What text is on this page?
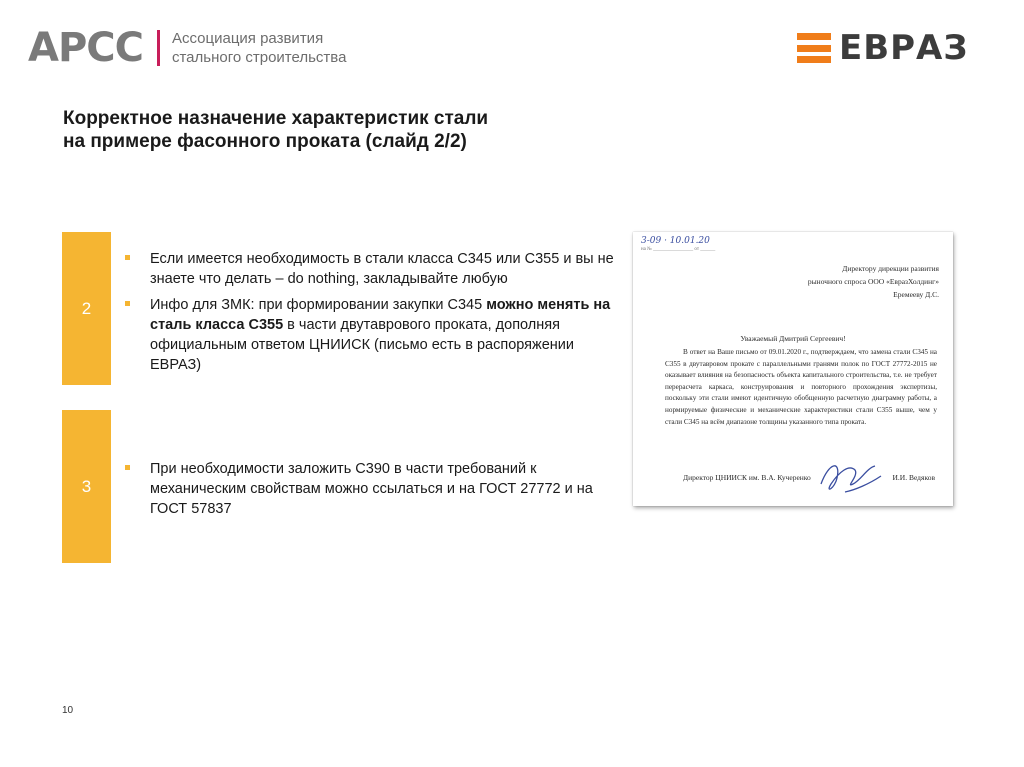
АРСС Ассоциация развития
стального строительства	ЕВРАЗ
Корректное назначение характеристик стали
на примере фасонного проката (слайд 2/2)
2
Если имеется необходимость в стали класса С345 или С355 и вы не знаете что делать – do nothing, закладывайте любую
Инфо для ЗМК: при формировании закупки С345 можно менять на сталь класса С355 в части двутаврового проката, дополняя официальным ответом ЦНИИСК (письмо есть в распоряжении ЕВРАЗ)
3
При необходимости заложить С390 в части требований к механическим свойствам можно ссылаться и на ГОСТ 27772 и на ГОСТ 57837
3-09 · 10.01.20
на № ________________ от ______
Директору дирекции развития
рыночного спроса ООО «ЕвразХолдинг»
Еремееву Д.С.
Уважаемый Дмитрий Сергеевич!
В ответ на Ваше письмо от 09.01.2020 г., подтверждаем, что замена стали С345 на С355 в двутавровом прокате с параллельными гранями полок по ГОСТ 27772-2015 не оказывает влияния на безопасность объекта капитального строительства, т.е. не требует перерасчета каркаса, конструирования и повторного прохождения экспертизы, поскольку эти стали имеют идентичную обобщенную расчетную диаграмму работы, а нормируемые физические и механические характеристики стали С355 выше, чем у стали С345 на всём диапазоне толщины указанного типа проката.
Директор ЦНИИСК им. В.А. Кучеренко	И.И. Ведяков
10
